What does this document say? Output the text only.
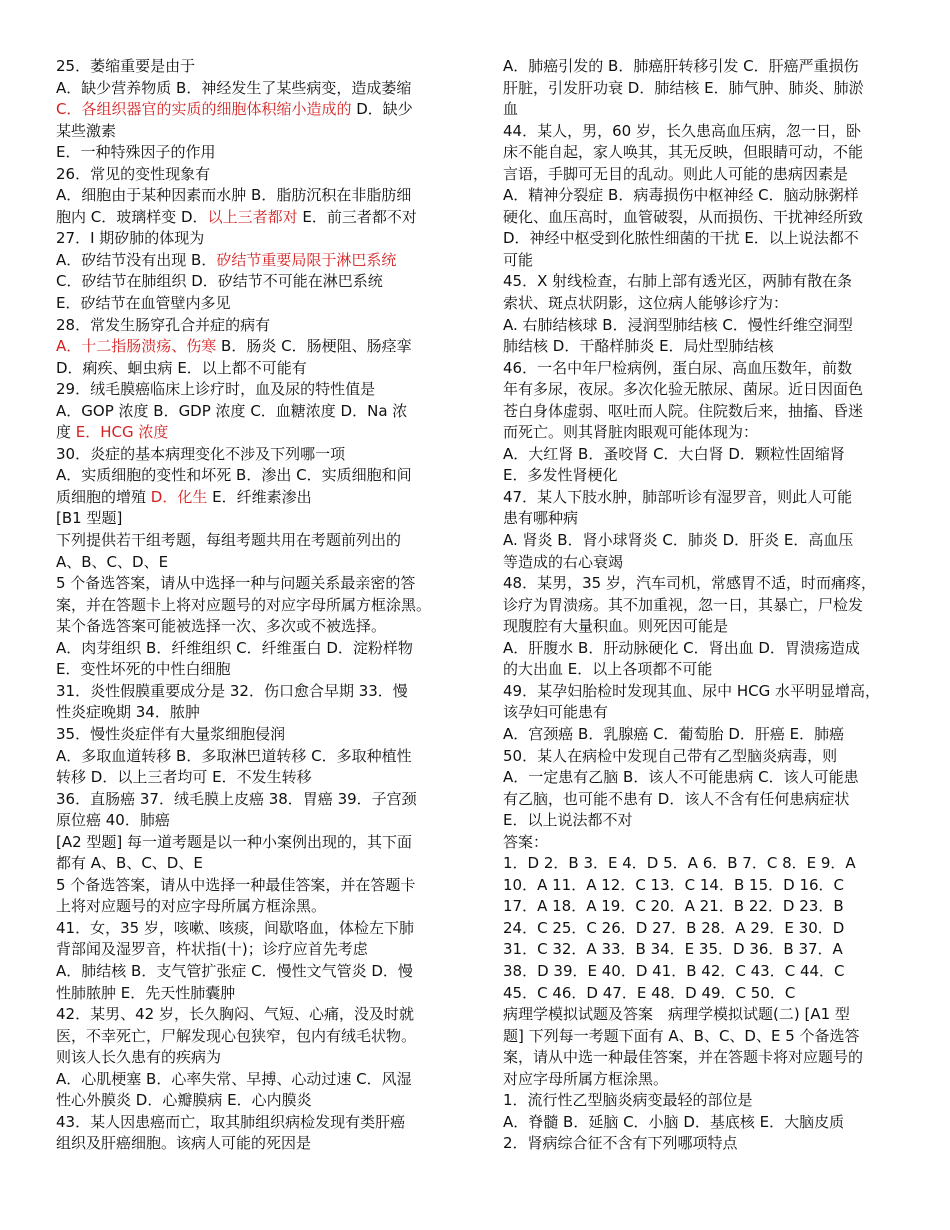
25．萎缩重要是由于
A．缺少营养物质 B．神经发生了某些病变，造成萎缩
C．各组织器官的实质的细胞体积缩小造成的 D．缺少
某些激素
E．一种特殊因子的作用
26．常见的变性现象有
A．细胞由于某种因素而水肿 B．脂肪沉积在非脂肪细
胞内 C．玻璃样变 D．以上三者都对 E．前三者都不对
27．I 期矽肺的体现为
A．矽结节没有出现 B．矽结节重要局限于淋巴系统
C．矽结节在肺组织 D．矽结节不可能在淋巴系统
E．矽结节在血管壁内多见
28．常发生肠穿孔合并症的病有
A．十二指肠溃疡、伤寒 B．肠炎 C．肠梗阻、肠痉挛
D．痢疾、蛔虫病 E．以上都不可能有
29．绒毛膜癌临床上诊疗时，血及尿的特性值是
A．GOP 浓度 B．GDP 浓度 C．血糖浓度 D．Na 浓
度 E．HCG 浓度
30．炎症的基本病理变化不涉及下列哪一项
A．实质细胞的变性和坏死 B．渗出 C．实质细胞和间
质细胞的增殖 D．化生 E．纤维素渗出
[B1 型题]
下列提供若干组考题，每组考题共用在考题前列出的
A、B、C、D、E
5 个备选答案，请从中选择一种与问题关系最亲密的答
案，并在答题卡上将对应题号的对应字母所属方框涂黑。
某个备选答案可能被选择一次、多次或不被选择。
A．肉芽组织 B．纤维组织 C．纤维蛋白 D．淀粉样物
E．变性坏死的中性白细胞
31．炎性假膜重要成分是 32．伤口愈合早期 33．慢
性炎症晚期 34．脓肿
35．慢性炎症伴有大量浆细胞侵润
A．多取血道转移 B．多取淋巴道转移 C．多取种植性
转移 D．以上三者均可 E．不发生转移
36．直肠癌 37．绒毛膜上皮癌 38．胃癌 39．子宫颈
原位癌 40．肺癌
[A2 型题] 每一道考题是以一种小案例出现的，其下面
都有 A、B、C、D、E
5 个备选答案，请从中选择一种最佳答案，并在答题卡
上将对应题号的对应字母所属方框涂黑。
41．女，35 岁，咳嗽、咳痰，间歇咯血，体检左下肺
背部闻及湿罗音，杵状指(十)；诊疗应首先考虑
A．肺结核 B．支气管扩张症 C．慢性文气管炎 D．慢
性肺脓肿 E．先天性肺囊肿
42．某男、42 岁，长久胸闷、气短、心痛，没及时就
医，不幸死亡，尸解发现心包狭窄，包内有绒毛状物。
则该人长久患有的疾病为
A．心肌梗塞 B．心率失常、早搏、心动过速 C．风湿
性心外膜炎 D．心瓣膜病 E．心内膜炎
43．某人因患癌而亡，取其肺组织病检发现有类肝癌
组织及肝癌细胞。该病人可能的死因是
A．肺癌引发的 B．肺癌肝转移引发 C．肝癌严重损伤
肝脏，引发肝功衰 D．肺结核 E．肺气肿、肺炎、肺淤
血
44．某人，男，60 岁，长久患高血压病，忽一日，卧
床不能自起，家人唤其，其无反映，但眼睛可动，不能
言语，手脚可无目的乱动。则此人可能的患病因素是
A．精神分裂症 B．病毒损伤中枢神经 C．脑动脉粥样
硬化、血压高时，血管破裂，从而损伤、干扰神经所致
D．神经中枢受到化脓性细菌的干扰 E．以上说法都不
可能
45．X 射线检查，右肺上部有透光区，两肺有散在条
索状、斑点状阴影，这位病人能够诊疗为：
A. 右肺结核球 B．浸润型肺结核 C．慢性纤维空洞型
肺结核 D．干酪样肺炎 E．局灶型肺结核
46．一名中年尸检病例，蛋白尿、高血压数年，前数
年有多尿，夜尿。多次化验无脓尿、菌尿。近日因面色
苍白身体虚弱、呕吐而人院。住院数后来，抽搐、昏迷
而死亡。则其肾脏肉眼观可能体现为：
A．大红肾 B．蚤咬肾 C．大白肾 D．颗粒性固缩肾
E．多发性肾梗化
47．某人下肢水肿，肺部听诊有湿罗音，则此人可能
患有哪种病
A. 肾炎 B．肾小球肾炎 C．肺炎 D．肝炎 E．高血压
等造成的右心衰竭
48．某男，35 岁，汽车司机，常感胃不适，时而痛疼，
诊疗为胃溃疡。其不加重视，忽一日，其暴亡，尸检发
现腹腔有大量积血。则死因可能是
A．肝腹水 B．肝动脉硬化 C．肾出血 D．胃溃疡造成
的大出血 E．以上各项都不可能
49．某孕妇胎检时发现其血、尿中 HCG 水平明显增高，
该孕妇可能患有
A．宫颈癌 B．乳腺癌 C．葡萄胎 D．肝癌 E．肺癌
50．某人在病检中发现自己带有乙型脑炎病毒，则
A．一定患有乙脑 B．该人不可能患病 C．该人可能患
有乙脑，也可能不患有 D．该人不含有任何患病症状
E．以上说法都不对
答案：
1．D 2．B 3．E 4．D 5．A 6．B 7．C 8．E 9．A
10．A 11．A 12．C 13．C 14．B 15．D 16．C
17．A 18．A 19．C 20．A 21．B 22．D 23．B
24．C 25．C 26．D 27．B 28．A 29．E 30．D
31．C 32．A 33．B 34．E 35．D 36．B 37．A
38．D 39．E 40．D 41．B 42．C 43．C 44．C
45．C 46．D 47．E 48．D 49．C 50．C
病理学模拟试题及答案　病理学模拟试题(二) [A1 型
题] 下列每一考题下面有 A、B、C、D、E 5 个备选答
案，请从中选一种最佳答案，并在答题卡将对应题号的
对应字母所属方框涂黑。
1．流行性乙型脑炎病变最轻的部位是
A．脊髓 B．延脑 C．小脑 D．基底核 E．大脑皮质
2．肾病综合征不含有下列哪项特点
